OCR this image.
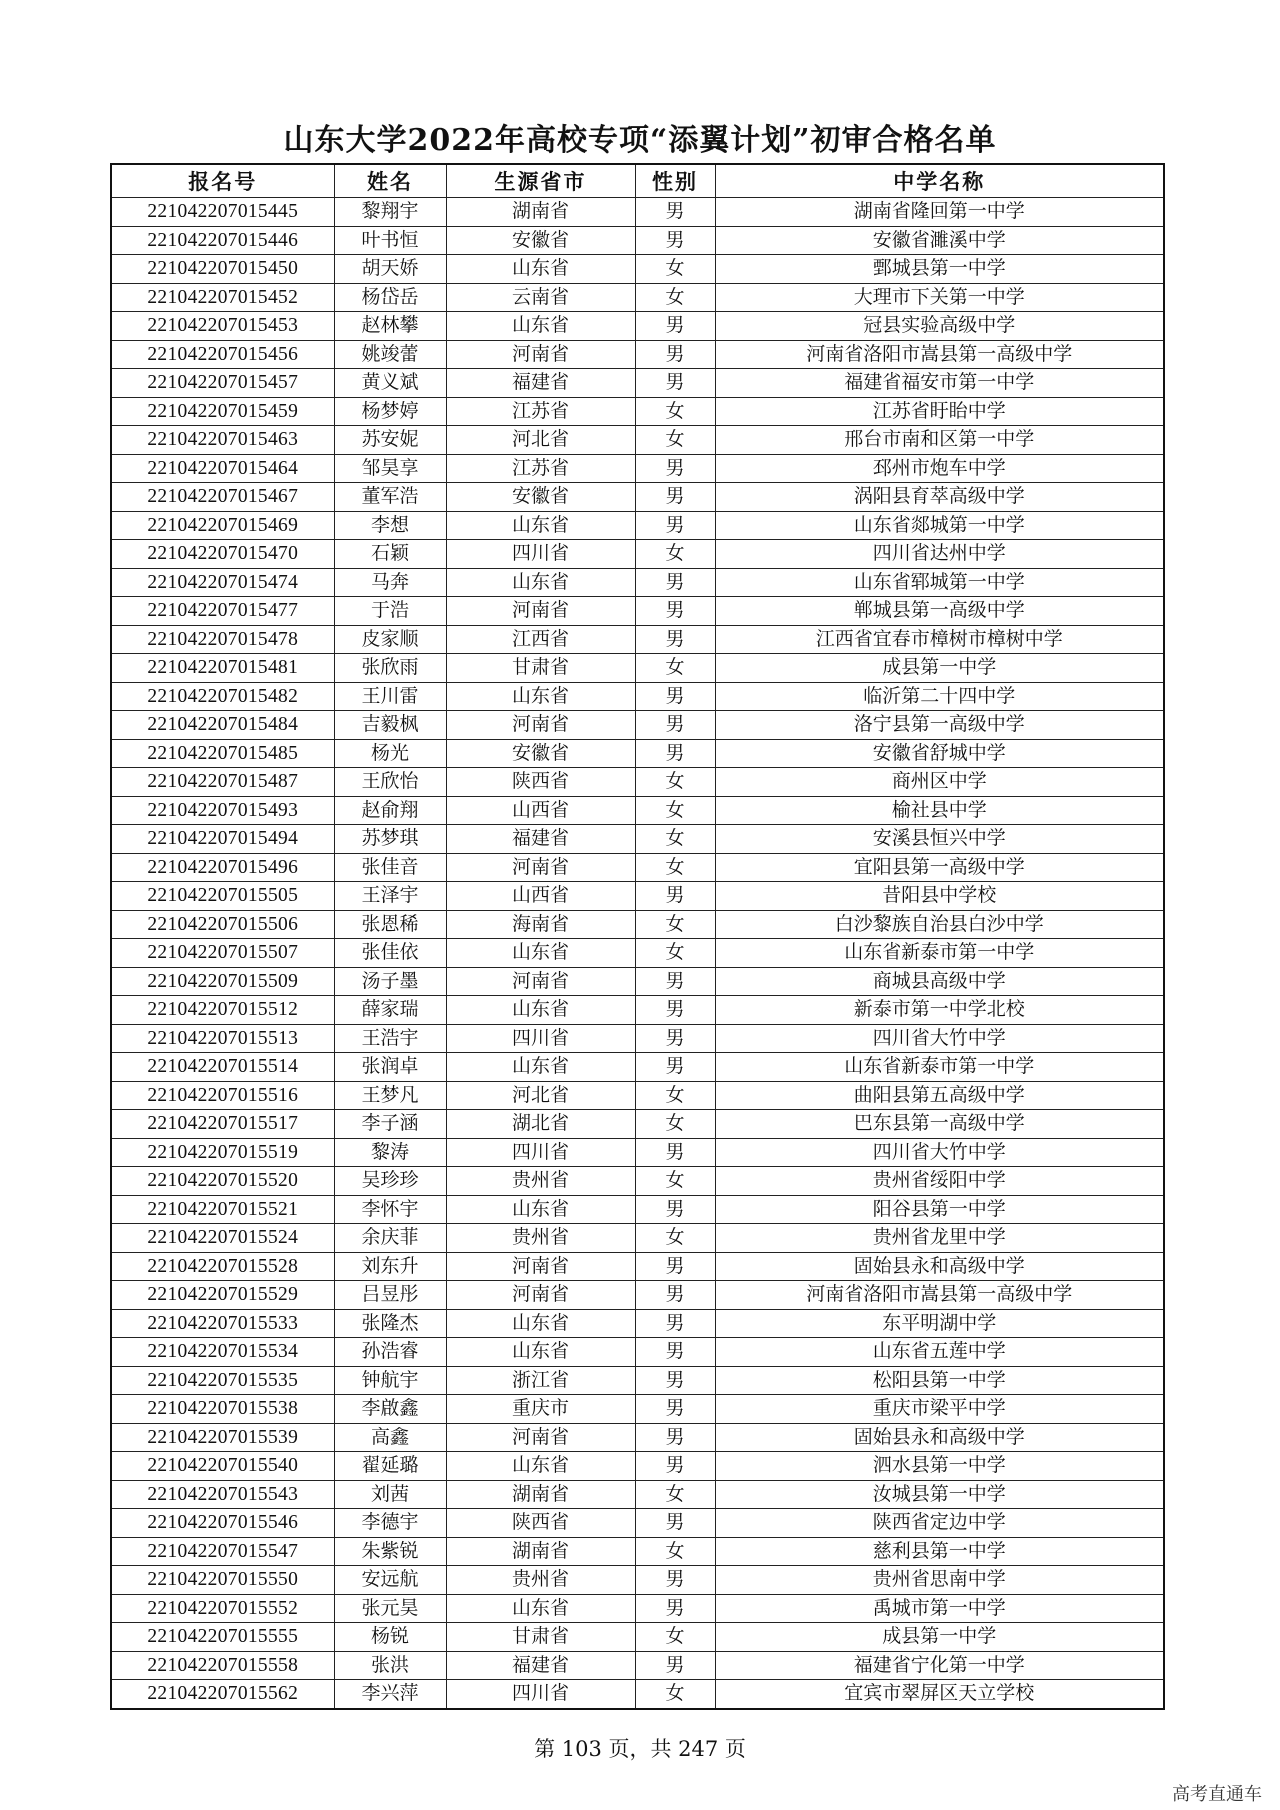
山东大学2022年高校专项“添翼计划”初审合格名单
报名号	姓名	生源省市	性别	中学名称
221042207015445	黎翔宇	湖南省	男	湖南省隆回第一中学
221042207015446	叶书恒	安徽省	男	安徽省濉溪中学
221042207015450	胡天娇	山东省	女	鄄城县第一中学
221042207015452	杨岱岳	云南省	女	大理市下关第一中学
221042207015453	赵林攀	山东省	男	冠县实验高级中学
221042207015456	姚竣蕾	河南省	男	河南省洛阳市嵩县第一高级中学
221042207015457	黄义斌	福建省	男	福建省福安市第一中学
221042207015459	杨梦婷	江苏省	女	江苏省盱眙中学
221042207015463	苏安妮	河北省	女	邢台市南和区第一中学
221042207015464	邹昊享	江苏省	男	邳州市炮车中学
221042207015467	董军浩	安徽省	男	涡阳县育萃高级中学
221042207015469	李想	山东省	男	山东省郯城第一中学
221042207015470	石颖	四川省	女	四川省达州中学
221042207015474	马奔	山东省	男	山东省郓城第一中学
221042207015477	于浩	河南省	男	郸城县第一高级中学
221042207015478	皮家顺	江西省	男	江西省宜春市樟树市樟树中学
221042207015481	张欣雨	甘肃省	女	成县第一中学
221042207015482	王川雷	山东省	男	临沂第二十四中学
221042207015484	吉毅枫	河南省	男	洛宁县第一高级中学
221042207015485	杨光	安徽省	男	安徽省舒城中学
221042207015487	王欣怡	陕西省	女	商州区中学
221042207015493	赵俞翔	山西省	女	榆社县中学
221042207015494	苏梦琪	福建省	女	安溪县恒兴中学
221042207015496	张佳音	河南省	女	宜阳县第一高级中学
221042207015505	王泽宇	山西省	男	昔阳县中学校
221042207015506	张恩稀	海南省	女	白沙黎族自治县白沙中学
221042207015507	张佳依	山东省	女	山东省新泰市第一中学
221042207015509	汤子墨	河南省	男	商城县高级中学
221042207015512	薛家瑞	山东省	男	新泰市第一中学北校
221042207015513	王浩宇	四川省	男	四川省大竹中学
221042207015514	张润卓	山东省	男	山东省新泰市第一中学
221042207015516	王梦凡	河北省	女	曲阳县第五高级中学
221042207015517	李子涵	湖北省	女	巴东县第一高级中学
221042207015519	黎涛	四川省	男	四川省大竹中学
221042207015520	吴珍珍	贵州省	女	贵州省绥阳中学
221042207015521	李怀宇	山东省	男	阳谷县第一中学
221042207015524	余庆菲	贵州省	女	贵州省龙里中学
221042207015528	刘东升	河南省	男	固始县永和高级中学
221042207015529	吕昱彤	河南省	男	河南省洛阳市嵩县第一高级中学
221042207015533	张隆杰	山东省	男	东平明湖中学
221042207015534	孙浩睿	山东省	男	山东省五莲中学
221042207015535	钟航宇	浙江省	男	松阳县第一中学
221042207015538	李啟鑫	重庆市	男	重庆市梁平中学
221042207015539	高鑫	河南省	男	固始县永和高级中学
221042207015540	翟延璐	山东省	男	泗水县第一中学
221042207015543	刘茜	湖南省	女	汝城县第一中学
221042207015546	李德宇	陕西省	男	陕西省定边中学
221042207015547	朱紫锐	湖南省	女	慈利县第一中学
221042207015550	安远航	贵州省	男	贵州省思南中学
221042207015552	张元昊	山东省	男	禹城市第一中学
221042207015555	杨锐	甘肃省	女	成县第一中学
221042207015558	张洪	福建省	男	福建省宁化第一中学
221042207015562	李兴萍	四川省	女	宜宾市翠屏区天立学校
第 103 页，共 247 页
高考直通车
